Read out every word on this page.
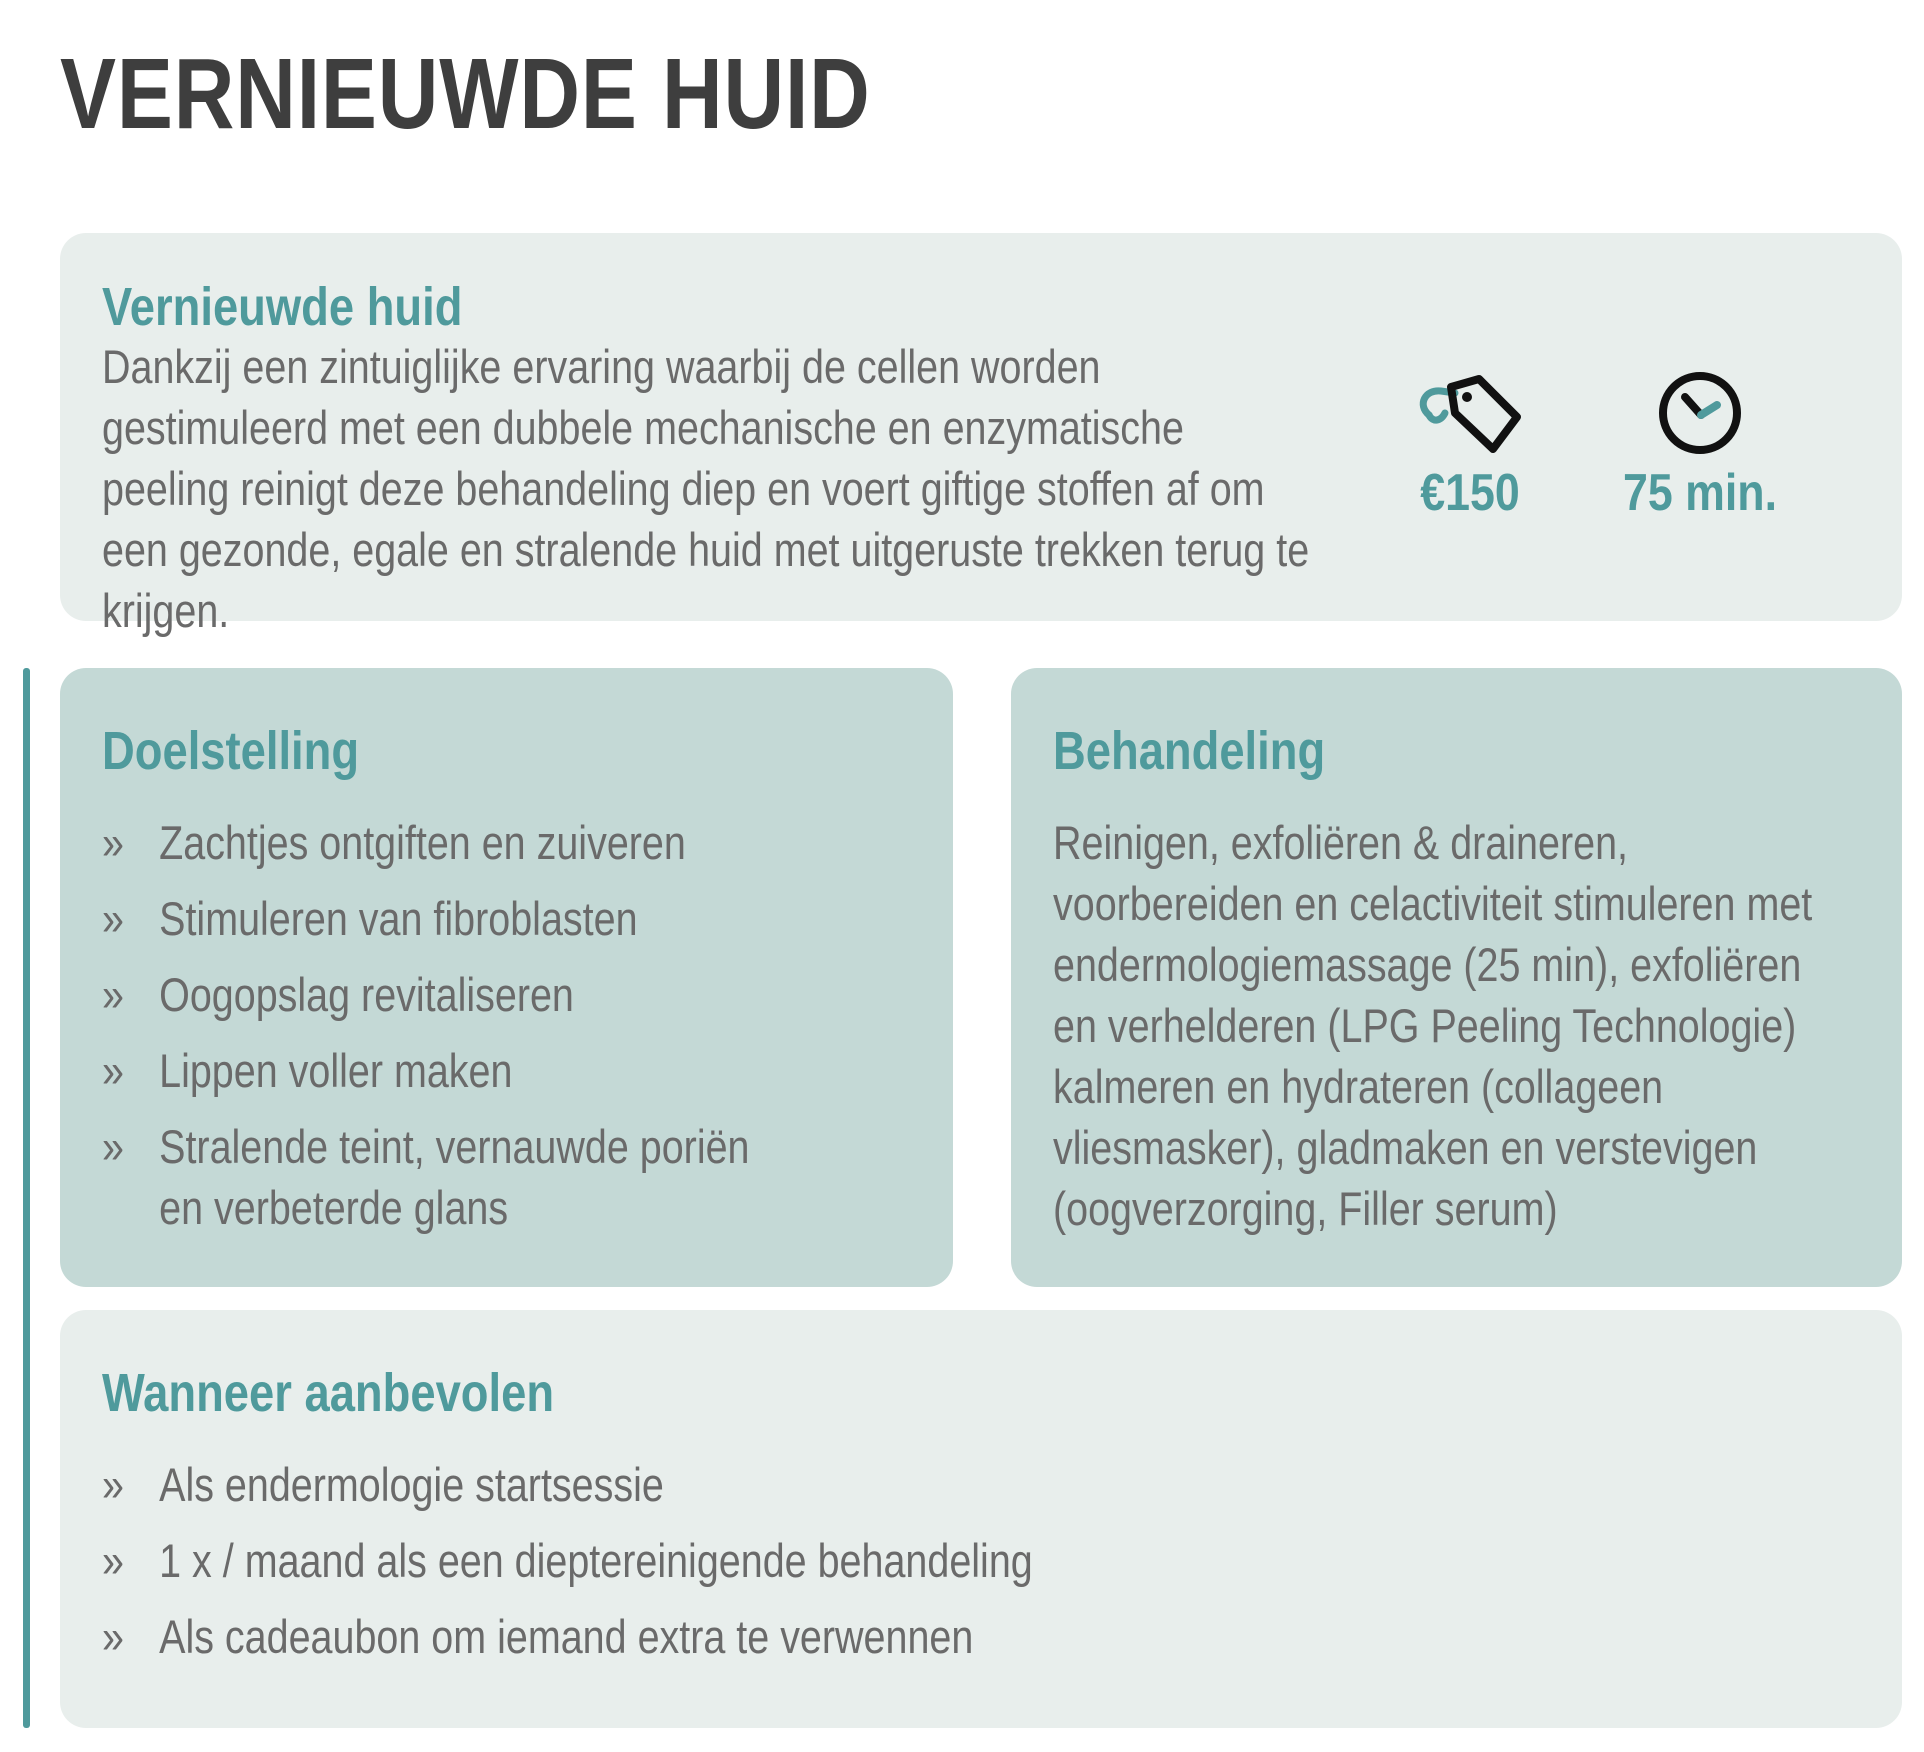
VERNIEUWDE HUID
Vernieuwde huid

Dankzij een zintuiglijke ervaring waarbij de cellen worden gestimuleerd met een dubbele mechanische en enzymatische peeling reinigt deze behandeling diep en voert giftige stoffen af om een gezonde, egale en stralende huid met uitgeruste trekken terug te krijgen.

€150	75 min.
Doelstelling
» Zachtjes ontgiften en zuiveren
» Stimuleren van fibroblasten
» Oogopslag revitaliseren
» Lippen voller maken
» Stralende teint, vernauwde poriën en verbeterde glans
Behandeling

Reinigen, exfoliëren & draineren, voorbereiden en celactiviteit stimuleren met endermologiemassage (25 min), exfoliëren en verhelderen (LPG Peeling Technologie) kalmeren en hydrateren (collageen vliesmasker), gladmaken en verstevigen (oogverzorging, Filler serum)

Wanneer aanbevolen
» Als endermologie startsessie
» 1 x / maand als een dieptereinigende behandeling
» Als cadeaubon om iemand extra te verwennen
